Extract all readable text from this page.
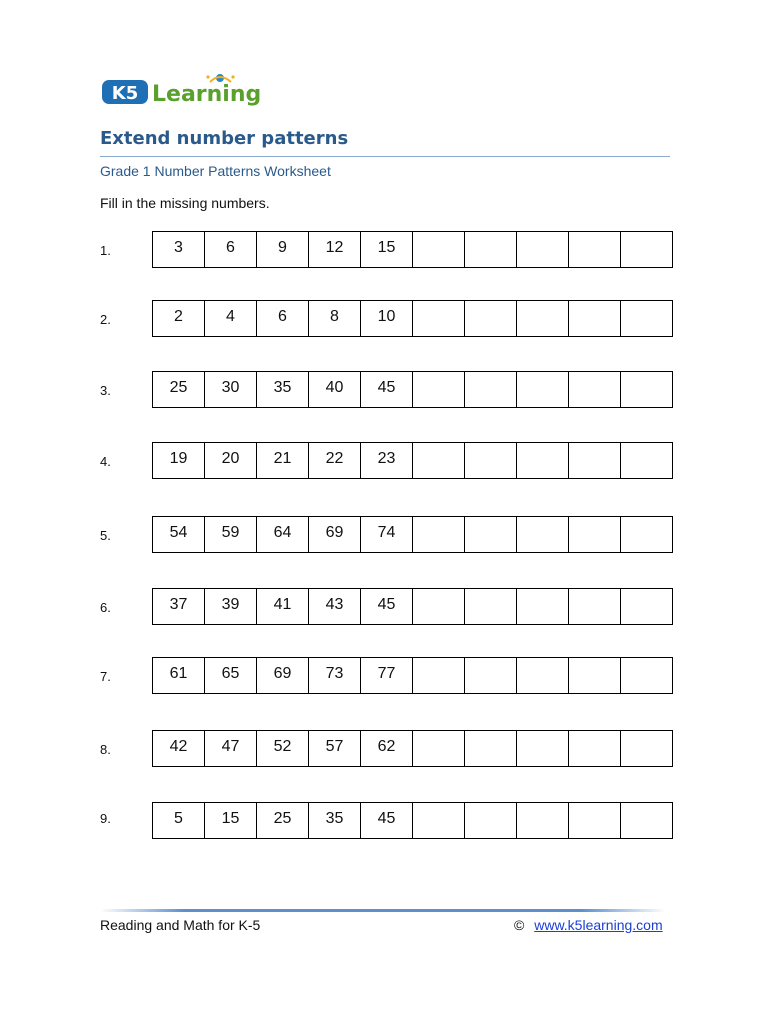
K5 Learning
Extend number patterns
Grade 1 Number Patterns Worksheet
Fill in the missing numbers.
1.	3	6	9 12 15
2.	2	4	6	8 10
3.	25 30 35 40 45
4.	19 20 21 22 23
5.	54 59 64 69 74
6.	37 39 41 43 45
7.	61 65 69 73 77
8.	42 47 52 57 62
9.	5 15 25 35 45
Reading and Math for K-5	© www.k5learning.com
